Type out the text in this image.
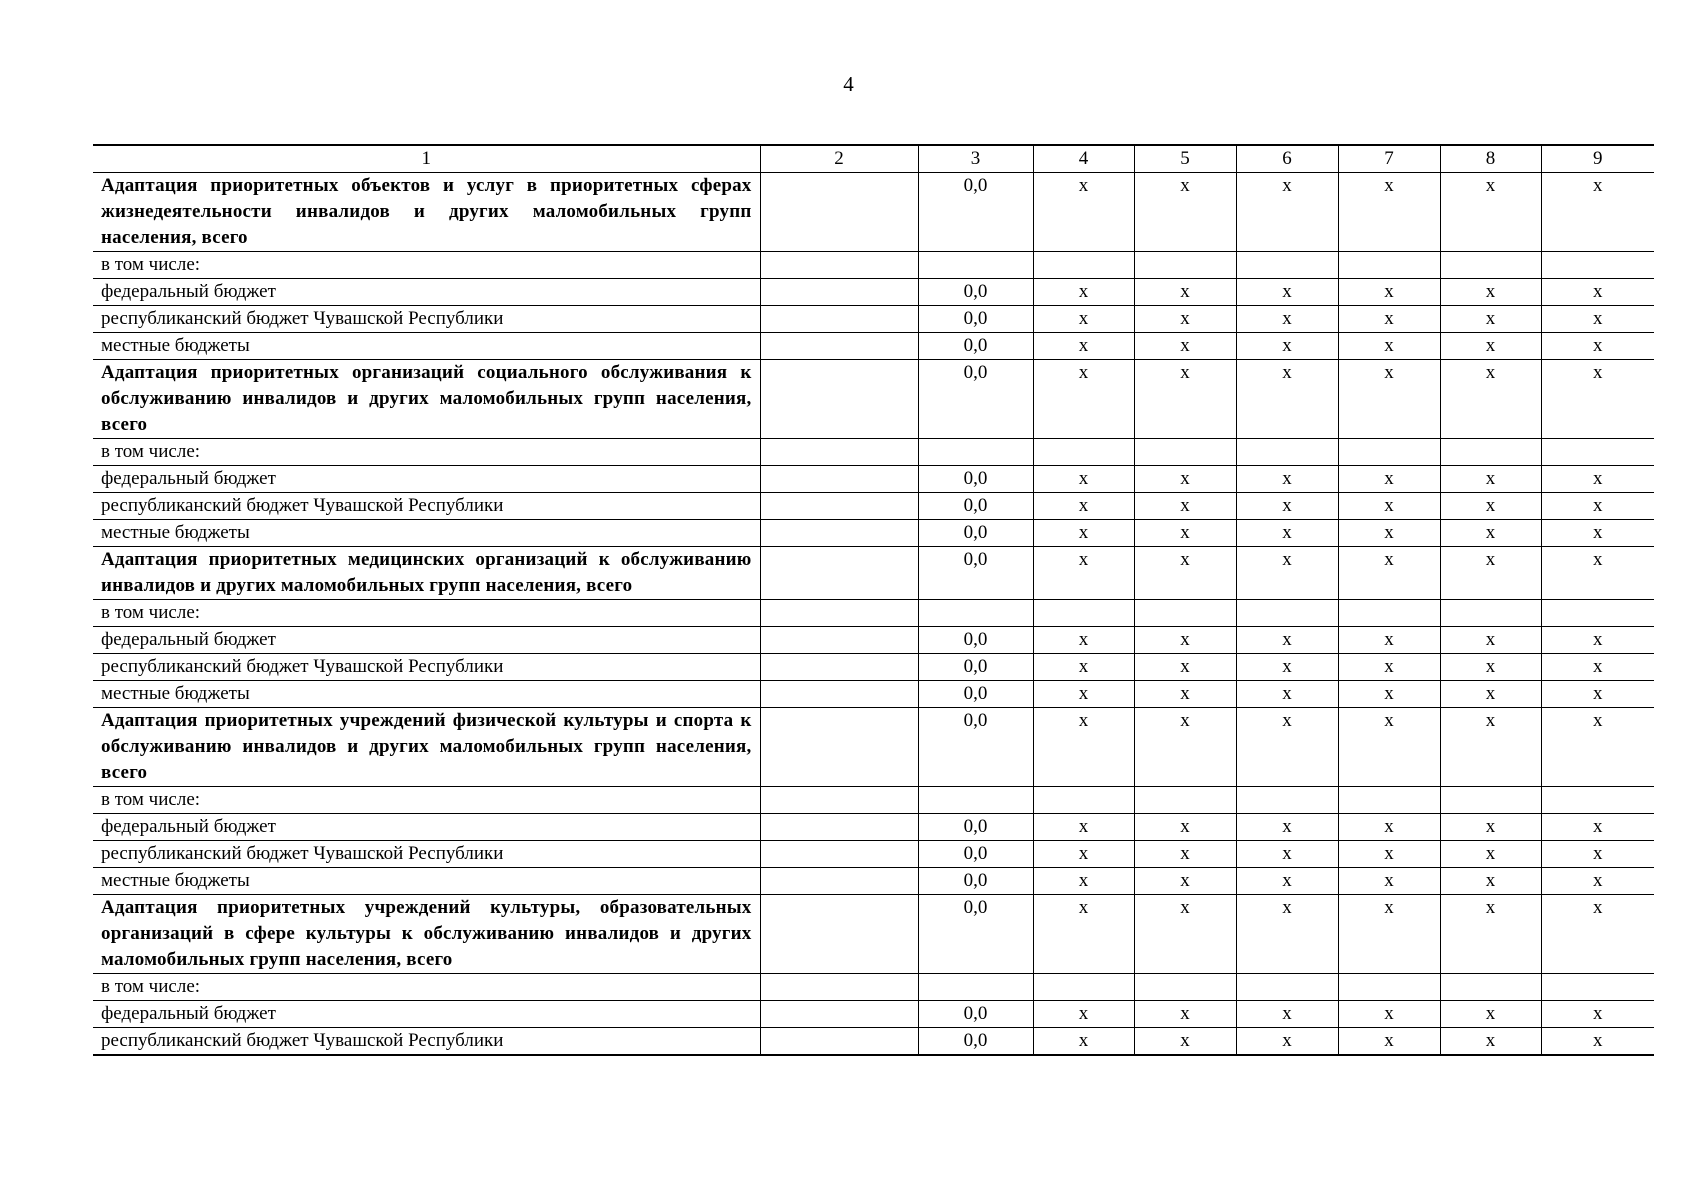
4
1	2	3	4	5	6	7	8	9
Адаптация приоритетных объектов и услуг в приоритетных сферах жизнедеятельности инвалидов и других маломобильных групп населения, всего		0,0	х	х	х	х	х	х
в том числе:								
федеральный бюджет		0,0	х	х	х	х	х	х
республиканский бюджет Чувашской Республики		0,0	х	х	х	х	х	х
местные бюджеты		0,0	х	х	х	х	х	х
Адаптация приоритетных организаций социального обслуживания к обслуживанию инвалидов и других маломобильных групп населения, всего		0,0	х	х	х	х	х	х
в том числе:								
федеральный бюджет		0,0	х	х	х	х	х	х
республиканский бюджет Чувашской Республики		0,0	х	х	х	х	х	х
местные бюджеты		0,0	х	х	х	х	х	х
Адаптация приоритетных медицинских организаций к обслуживанию инвалидов и других маломобильных групп населения, всего		0,0	х	х	х	х	х	х
в том числе:								
федеральный бюджет		0,0	х	х	х	х	х	х
республиканский бюджет Чувашской Республики		0,0	х	х	х	х	х	х
местные бюджеты		0,0	х	х	х	х	х	х
Адаптация приоритетных учреждений физической культуры и спорта к обслуживанию инвалидов и других маломобильных групп населения, всего		0,0	х	х	х	х	х	х
в том числе:								
федеральный бюджет		0,0	х	х	х	х	х	х
республиканский бюджет Чувашской Республики		0,0	х	х	х	х	х	х
местные бюджеты		0,0	х	х	х	х	х	х
Адаптация приоритетных учреждений культуры, образовательных организаций в сфере культуры к обслуживанию инвалидов и других маломобильных групп населения, всего		0,0	х	х	х	х	х	х
в том числе:								
федеральный бюджет		0,0	х	х	х	х	х	х
республиканский бюджет Чувашской Республики		0,0	х	х	х	х	х	х
